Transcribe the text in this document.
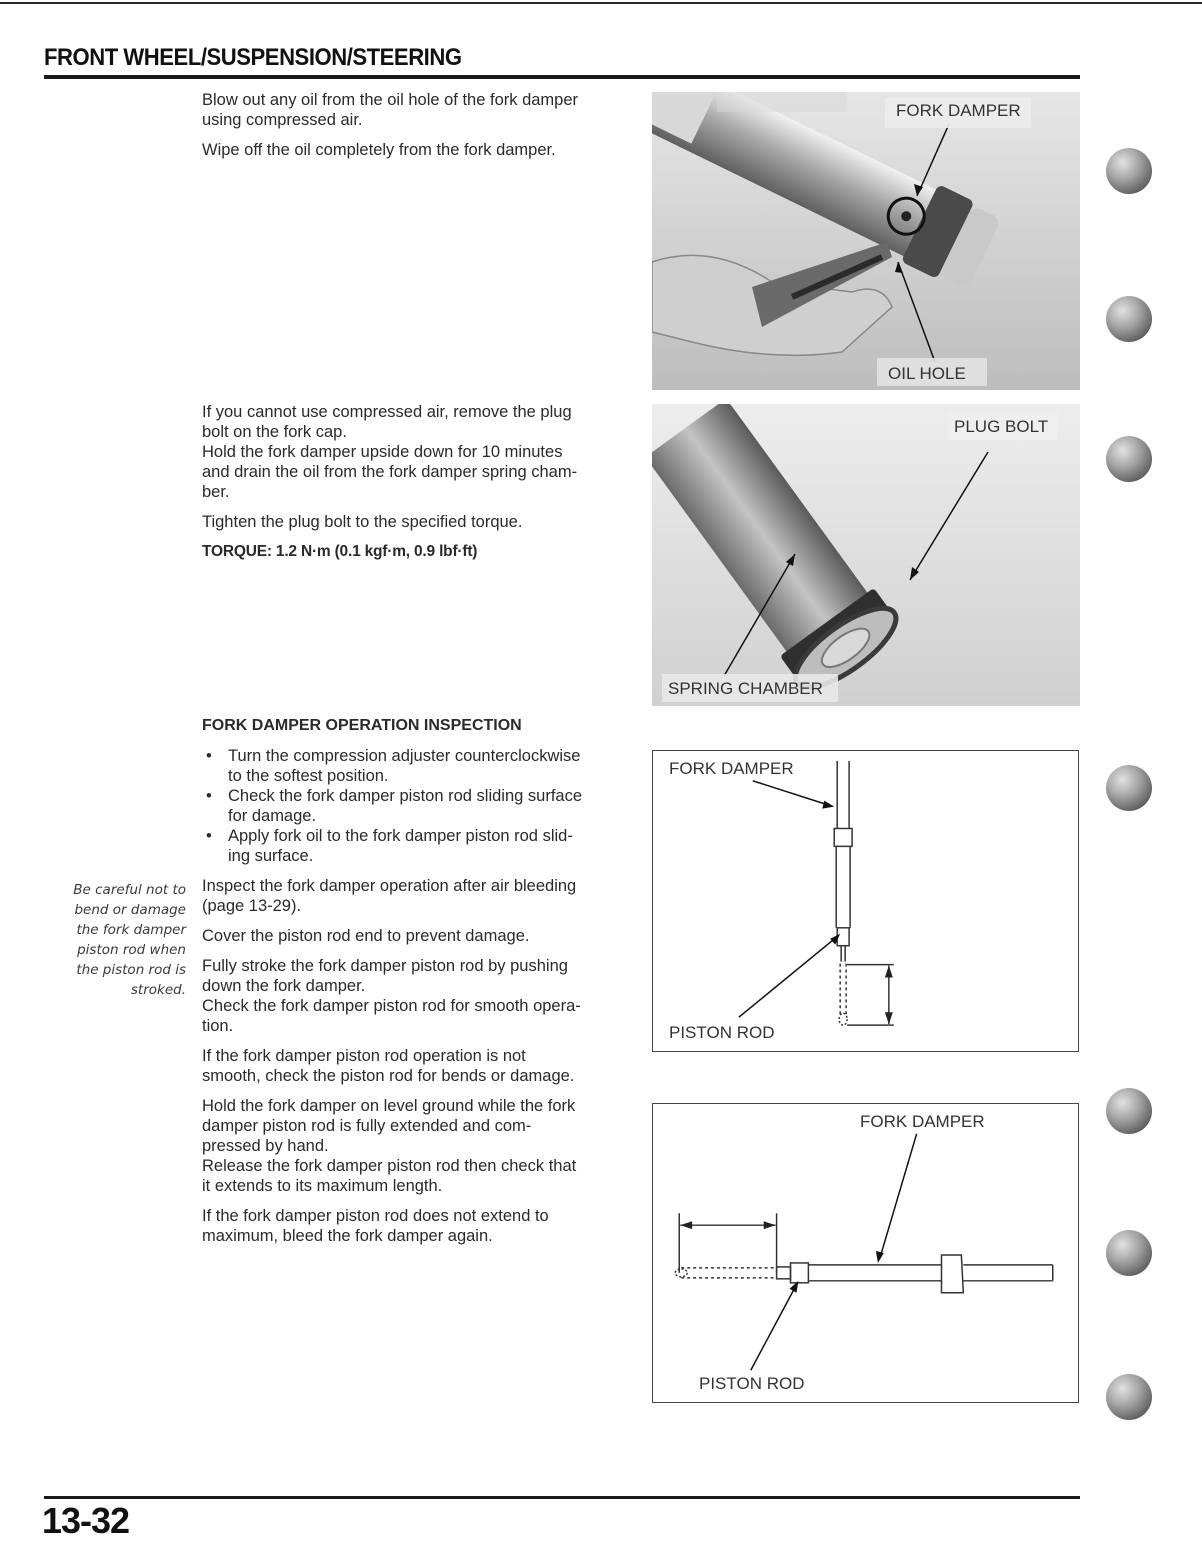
FRONT WHEEL/SUSPENSION/STEERING

Blow out any oil from the oil hole of the fork damper
using compressed air.

Wipe off the oil completely from the fork damper.

FORK DAMPER
OIL HOLE

If you cannot use compressed air, remove the plug
bolt on the fork cap.

Hold the fork damper upside down for 10 minutes
and drain the oil from the fork damper spring cham-
ber.

Tighten the plug bolt to the specified torque.

TORQUE: 1.2 N·m (0.1 kgf·m, 0.9 lbf·ft)

PLUG BOLT
SPRING CHAMBER

FORK DAMPER OPERATION INSPECTION

• Turn the compression adjuster counterclockwise
to the softest position.
• Check the fork damper piston rod sliding surface
for damage.
• Apply fork oil to the fork damper piston rod slid-
ing surface.

Inspect the fork damper operation after air bleeding
(page 13-29).

Cover the piston rod end to prevent damage.

Fully stroke the fork damper piston rod by pushing
down the fork damper.
Check the fork damper piston rod for smooth opera-
tion.

If the fork damper piston rod operation is not
smooth, check the piston rod for bends or damage.

Hold the fork damper on level ground while the fork
damper piston rod is fully extended and com-
pressed by hand.
Release the fork damper piston rod then check that
it extends to its maximum length.

If the fork damper piston rod does not extend to
maximum, bleed the fork damper again.

Be careful not to
bend or damage
the fork damper
piston rod when
the piston rod is
stroked.
FORK DAMPER
PISTON ROD
FORK DAMPER
PISTON ROD

13-32
